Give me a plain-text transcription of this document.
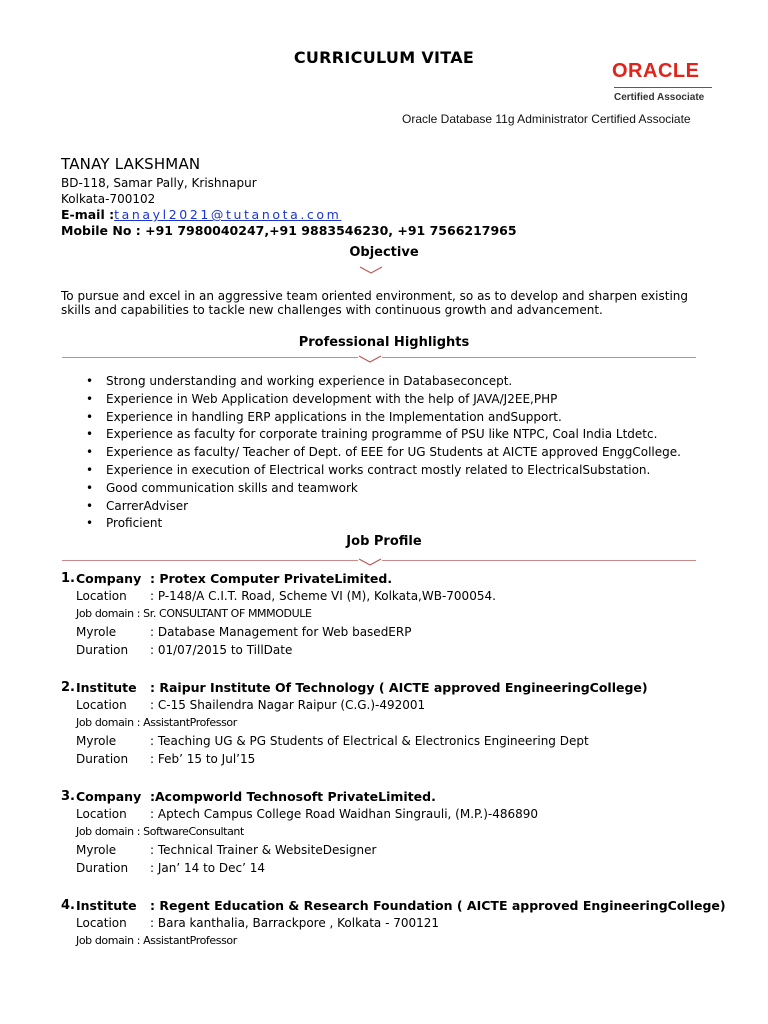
CURRICULUM VITAE
ORACLE
Certified Associate
Oracle Database 11g Administrator Certified Associate
TANAY LAKSHMAN
BD-118, Samar Pally, Krishnapur
Kolkata-700102
E-mail :tanayl2021@tutanota.com
Mobile No : +91 7980040247,+91 9883546230, +91 7566217965
Objective
To pursue and excel in an aggressive team oriented environment, so as to develop and sharpen existing skills and capabilities to tackle new challenges with continuous growth and advancement.
Professional Highlights
• Strong understanding and working experience in Databaseconcept.
• Experience in Web Application development with the help of JAVA/J2EE,PHP
• Experience in handling ERP applications in the Implementation andSupport.
• Experience as faculty for corporate training programme of PSU like NTPC, Coal India Ltdetc.
• Experience as faculty/ Teacher of Dept. of EEE for UG Students at AICTE approved EnggCollege.
• Experience in execution of Electrical works contract mostly related to ElectricalSubstation.
• Good communication skills and teamwork
• CarrerAdviser
• Proficient
Job Profile
1. Company : Protex Computer PrivateLimited.
Location : P-148/A C.I.T. Road, Scheme VI (M), Kolkata,WB-700054.
Job domain : Sr. CONSULTANT OF MMMODULE
Myrole	: Database Management for Web basedERP
Duration : 01/07/2015 to TillDate
2. Institute : Raipur Institute Of Technology ( AICTE approved EngineeringCollege)
Location : C-15 Shailendra Nagar Raipur (C.G.)-492001
Job domain : AssistantProfessor
Myrole	: Teaching UG & PG Students of Electrical & Electronics Engineering Dept
Duration : Feb’ 15 to Jul’15
3. Company :Acompworld Technosoft PrivateLimited.
Location : Aptech Campus College Road Waidhan Singrauli, (M.P.)-486890
Job domain : SoftwareConsultant
Myrole	: Technical Trainer & WebsiteDesigner
Duration : Jan’ 14 to Dec’ 14
4. Institute : Regent Education & Research Foundation ( AICTE approved EngineeringCollege)
Location : Bara kanthalia, Barrackpore , Kolkata - 700121
Job domain : AssistantProfessor
